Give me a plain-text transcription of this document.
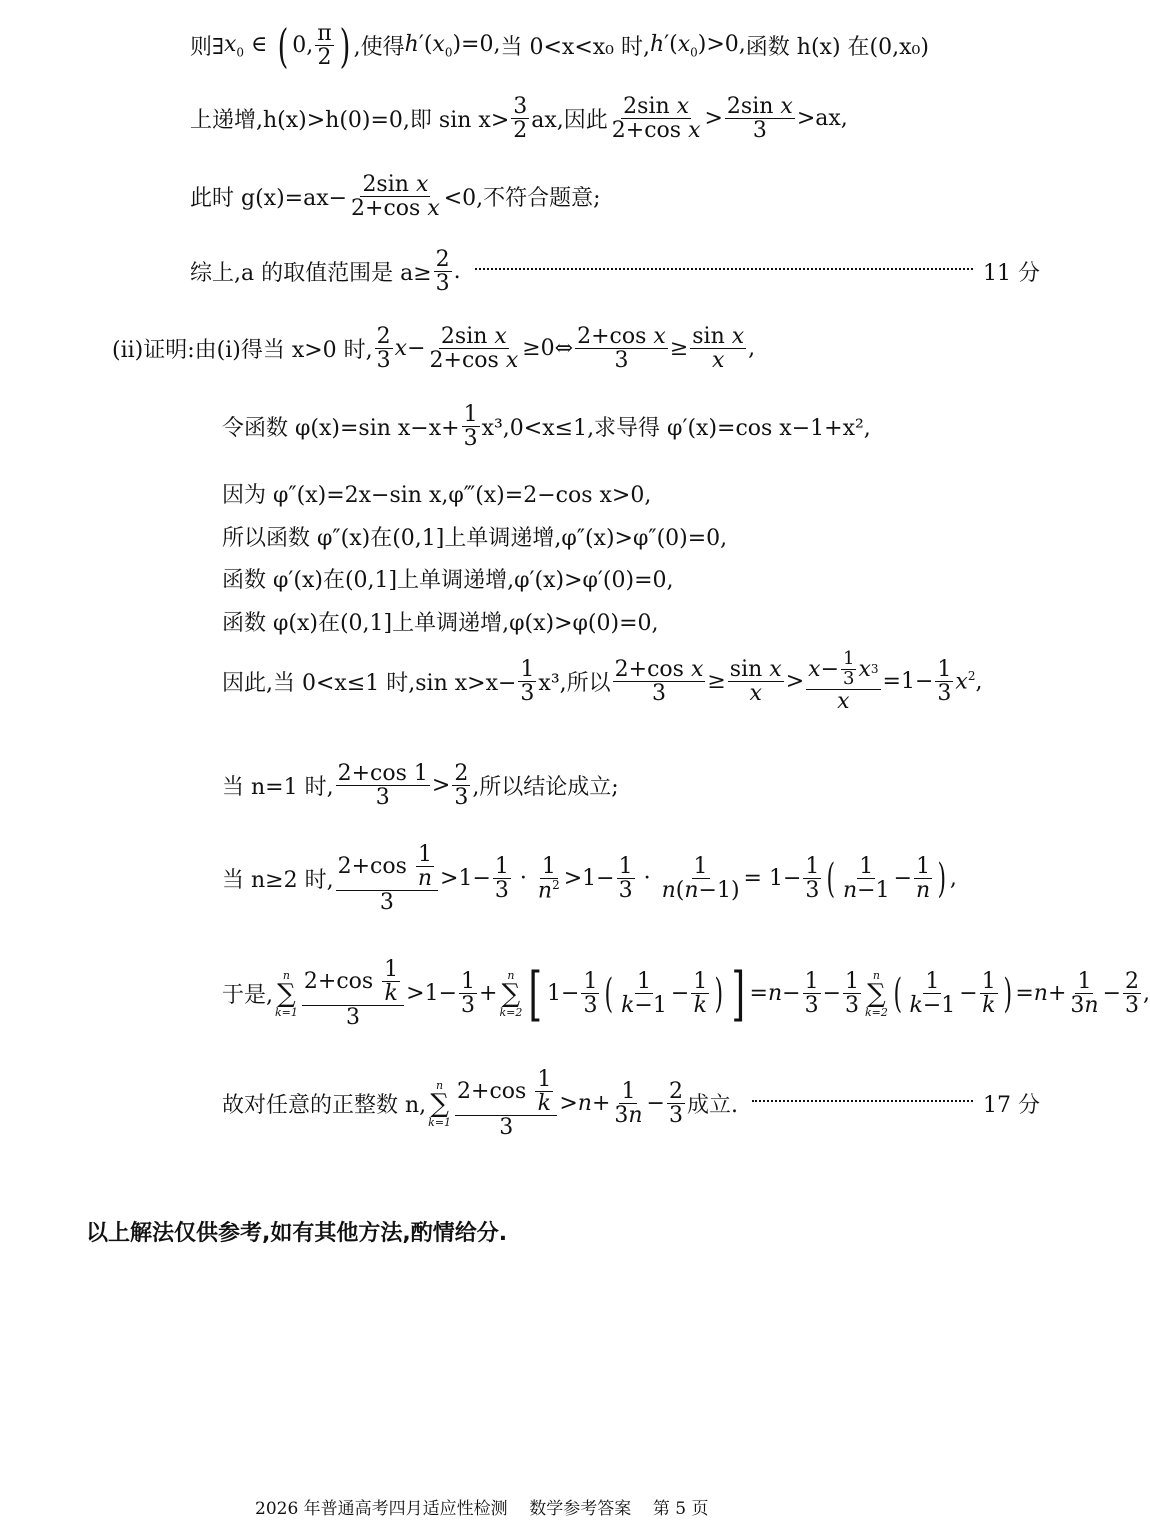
则∃ $x_0$ ∈ ( 0, π
2 ) ,使得 $h'(x_0)=0$, 当 0<x<x₀ 时, $h'(x_0)>0$, 函数 h(x) 在(0,x₀)
上递增,h(x)>h(0)=0,即 sin x>
3
2 ax,因此
2sin x
2+cos x > 2sin x
3 >ax,
此时 $g(x)=ax- \frac{\text{2sin x}}{\text{2+cos x}} <0$,不符合题意;
综上,a 的取值范围是 $a\ge \frac{2}{3}$ .	11 分
(ii)证明:由(i)得当 x>0 时,
2
3 $x- \frac{\text{2sin x}}{\text{2+cos x}}$ ≥0⇔ $\frac{\text{2+cos x}}{3} \ge \frac{\text{sin x}}{x}$ ,
令函数 φ(x)=sin $x-x+ \frac{1}{3} x^3,0<x\le 1$,求导得 φ′(x)=cos x−1+x²,
因为 φ″(x)=2x−sin x,φ‴(x)=2−cos x>0,
所以函数 φ″(x)在(0,1]上单调递增,φ″(x)>φ″(0)=0,
函数 φ′(x)在(0,1]上单调递增,φ′(x)>φ′(0)=0,
函数 φ(x)在(0,1]上单调递增,φ(x)>φ(0)=0,
因此,当 0<x≤1 时,sin $x>x- \frac{1}{3} x^3$,所以 $\frac{\text{2+cos x}}{3} \ge \frac{\text{sin x}}{x} > x - 1$
3 x 3
$x =1- \frac{1}{3} x^2$,
当 n=1 时,
2+cos 1
3 > 2
3 ,所以结论成立;
当 n≥2 时,
2+cos 1
n
3
$>1- \frac{1}{3} \cdot 1$
$n^2 >1- \frac{1}{3} \cdot \frac{1}{n(n-1)} = 1- \frac{1}{3}$ ( 1
$n-1 - \frac{1}{n}$ ) ,
于是,
n
∑
k=1
2+cos 1
k
3
$>1- \frac{1}{3}$ +
n
∑
k=2 [ $1- \frac{1}{3}$ ( 1
$k-1 - \frac{1}{k}$ ) ] $=n- \frac{1}{3} - \frac{1}{3}$ n
∑
k=2 ( 1
$k-1 - \frac{1}{k}$ ) $=n+ \frac{1}{3n} - \frac{2}{3}$ ,
故对任意的正整数 n,
n
∑
k=1
2+cos 1
k
3
$>n+ \frac{1}{3n} - \frac{2}{3}$ 成立.	17 分
以上解法仅供参考,如有其他方法,酌情给分.
2026 年普通高考四月适应性检测    数学参考答案    第 5 页
